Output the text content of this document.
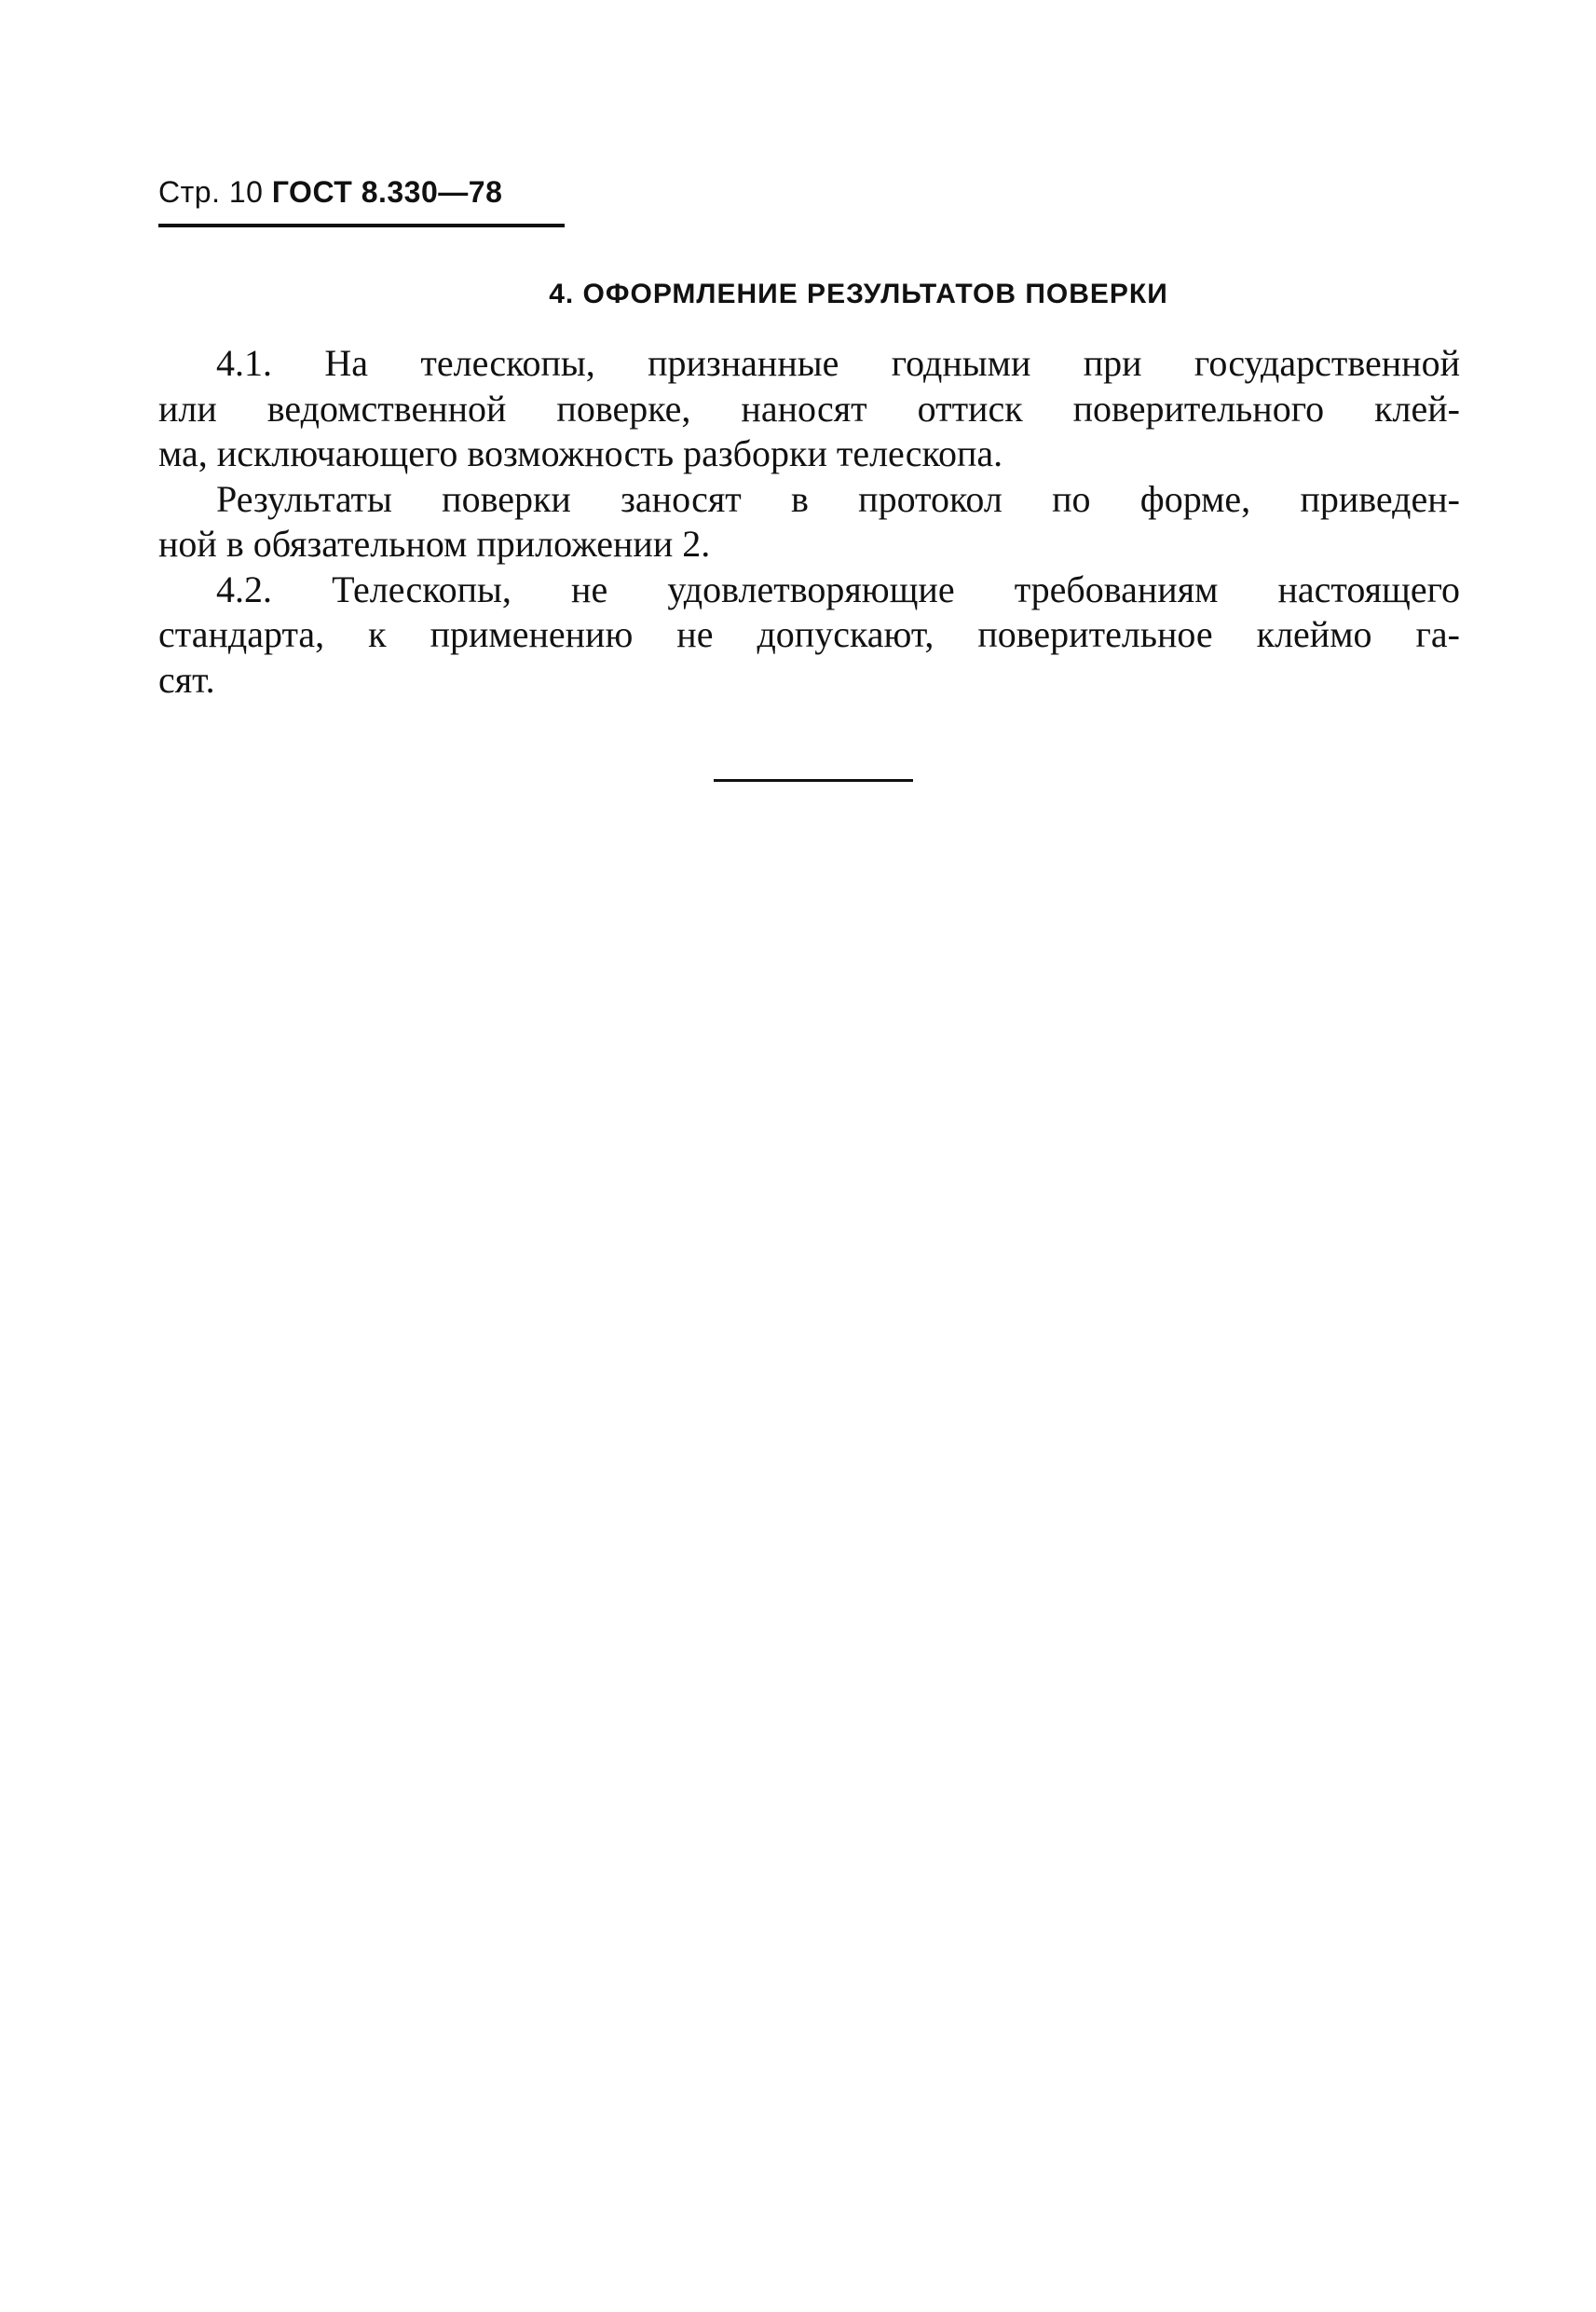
Стр. 10 ГОСТ 8.330—78
4. ОФОРМЛЕНИЕ РЕЗУЛЬТАТОВ ПОВЕРКИ
4.1. На телескопы, признанные годными при государственной
или ведомственной поверке, наносят оттиск поверительного клей-
ма, исключающего возможность разборки телескопа.
Результаты поверки заносят в протокол по форме, приведен-
ной в обязательном приложении 2.
4.2. Телескопы, не удовлетворяющие требованиям настоящего
стандарта, к применению не допускают, поверительное клеймо га-
сят.
